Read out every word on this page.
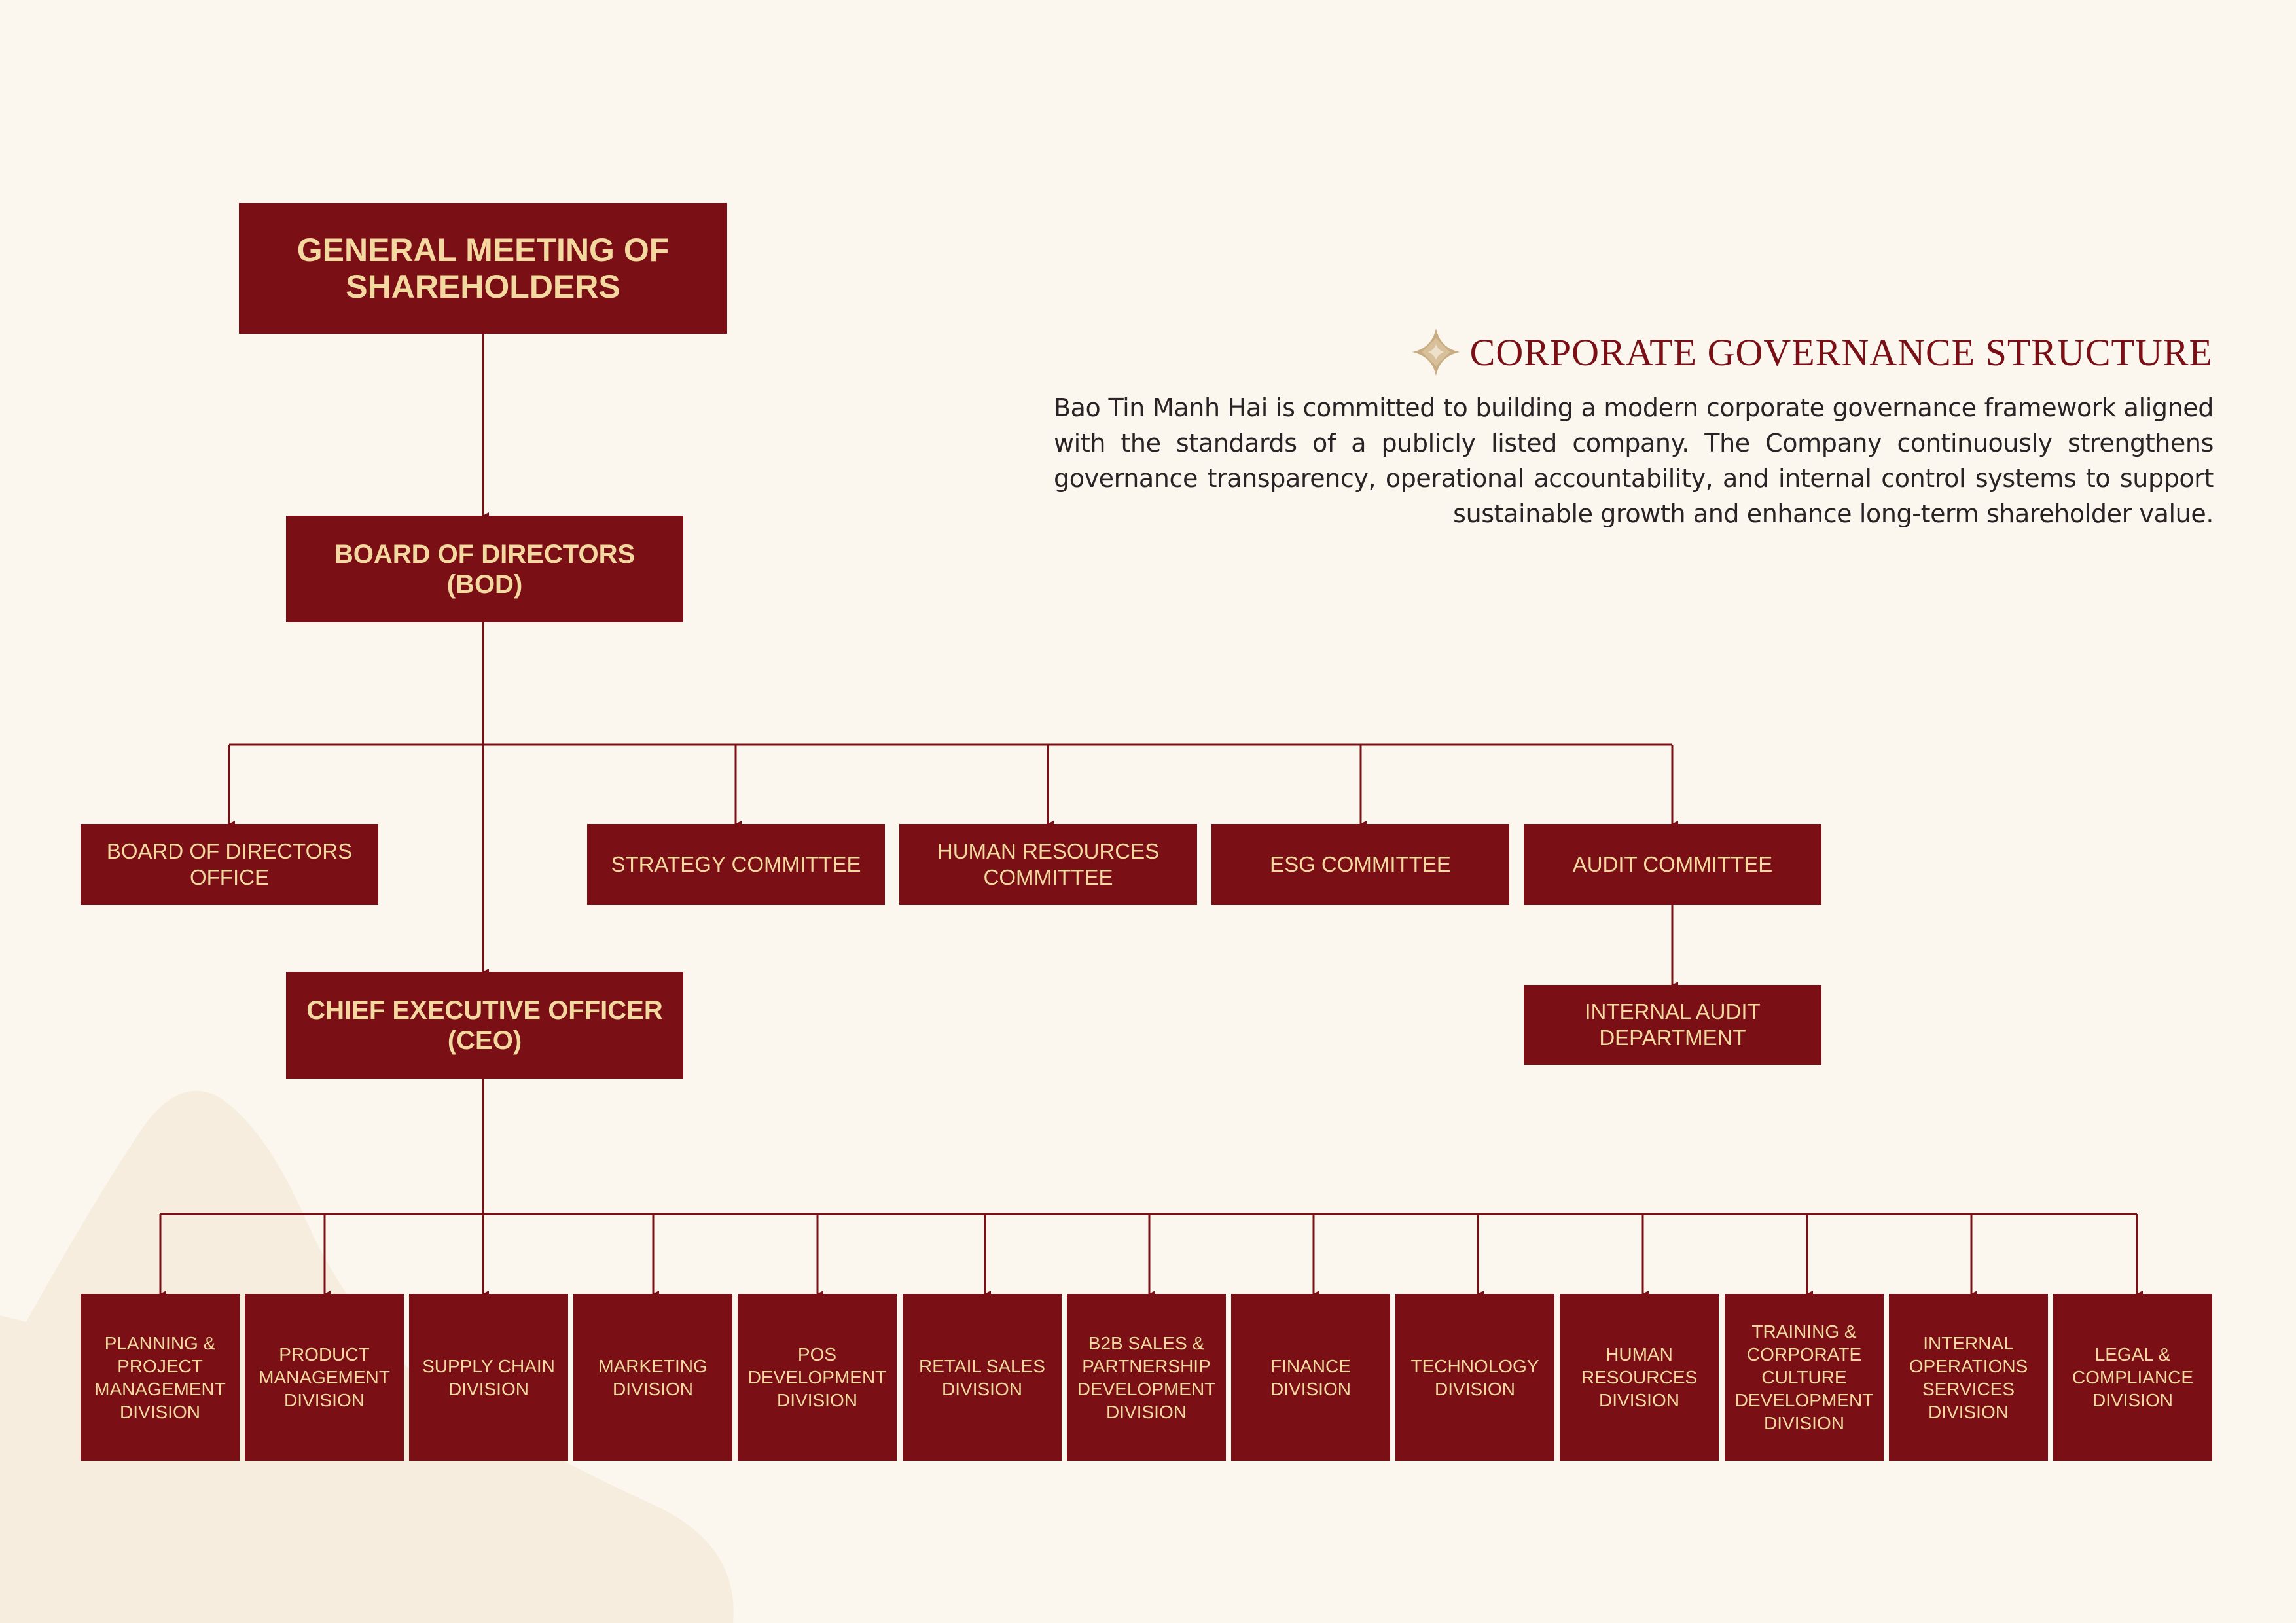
GENERAL MEETING OF
SHAREHOLDERS
BOARD OF DIRECTORS
(BOD)
CHIEF EXECUTIVE OFFICER
(CEO)
BOARD OF DIRECTORS
OFFICE
STRATEGY COMMITTEE
HUMAN RESOURCES
COMMITTEE
ESG COMMITTEE	AUDIT COMMITTEE
INTERNAL AUDIT
DEPARTMENT
PLANNING &
PROJECT
MANAGEMENT
DIVISION
PRODUCT
MANAGEMENT
DIVISION
SUPPLY CHAIN
DIVISION
MARKETING
DIVISION
POS
DEVELOPMENT
DIVISION
RETAIL SALES
DIVISION
B2B SALES &
PARTNERSHIP
DEVELOPMENT
DIVISION
FINANCE
DIVISION
TECHNOLOGY
DIVISION
HUMAN
RESOURCES
DIVISION
TRAINING &
CORPORATE
CULTURE
DEVELOPMENT
DIVISION
INTERNAL
OPERATIONS
SERVICES
DIVISION
LEGAL &
COMPLIANCE
DIVISION
CORPORATE GOVERNANCE STRUCTURE
Bao Tin Manh Hai is committed to building a modern corporate governance framework aligned with the standards of a publicly listed company. The Company continuously strengthens governance transparency, operational accountability, and internal control systems to support sustainable growth and enhance long-term shareholder value.
